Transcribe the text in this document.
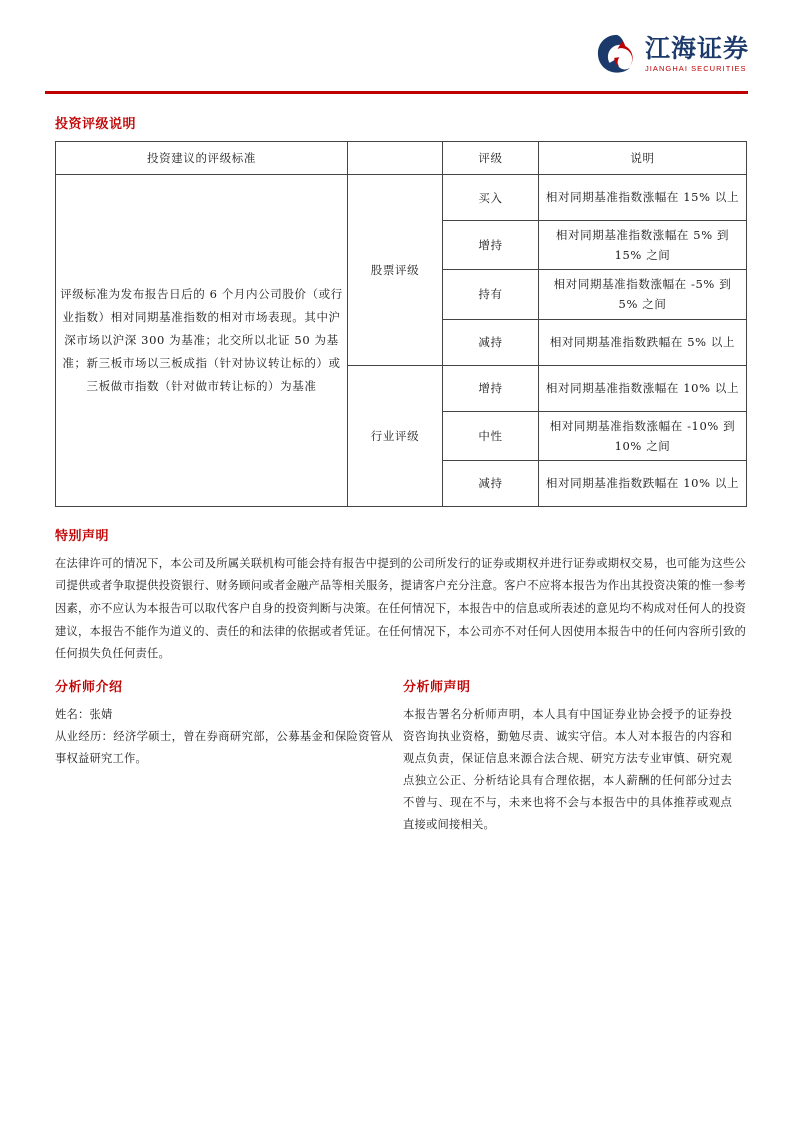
江海证券
JIANGHAI SECURITIES
投资评级说明
投资建议的评级标准		评级	说明
评级标准为发布报告日后的 6 个月内公司股价（或行业指数）相对同期基准指数的相对市场表现。其中沪深市场以沪深 300 为基准；北交所以北证 50 为基准；新三板市场以三板成指（针对协议转让标的）或三板做市指数（针对做市转让标的）为基准	股票评级	买入	相对同期基准指数涨幅在 15% 以上
		增持	相对同期基准指数涨幅在 5% 到 15% 之间
		持有	相对同期基准指数涨幅在 -5% 到 5% 之间
		减持	相对同期基准指数跌幅在 5% 以上
	行业评级	增持	相对同期基准指数涨幅在 10% 以上
		中性	相对同期基准指数涨幅在 -10% 到 10% 之间
		减持	相对同期基准指数跌幅在 10% 以上
特别声明
在法律许可的情况下，本公司及所属关联机构可能会持有报告中提到的公司所发行的证券或期权并进行证券或期权交易，也可能为这些公司提供或者争取提供投资银行、财务顾问或者金融产品等相关服务，提请客户充分注意。客户不应将本报告为作出其投资决策的惟一参考因素，亦不应认为本报告可以取代客户自身的投资判断与决策。在任何情况下，本报告中的信息或所表述的意见均不构成对任何人的投资建议，本报告不能作为道义的、责任的和法律的依据或者凭证。在任何情况下，本公司亦不对任何人因使用本报告中的任何内容所引致的任何损失负任何责任。
分析师介绍
姓名：张婧
从业经历：经济学硕士，曾在券商研究部，公募基金和保险资管从事权益研究工作。
分析师声明
本报告署名分析师声明，本人具有中国证券业协会授予的证券投资咨询执业资格，勤勉尽责、诚实守信。本人对本报告的内容和观点负责，保证信息来源合法合规、研究方法专业审慎、研究观点独立公正、分析结论具有合理依据，本人薪酬的任何部分过去不曾与、现在不与，未来也将不会与本报告中的具体推荐或观点直接或间接相关。
